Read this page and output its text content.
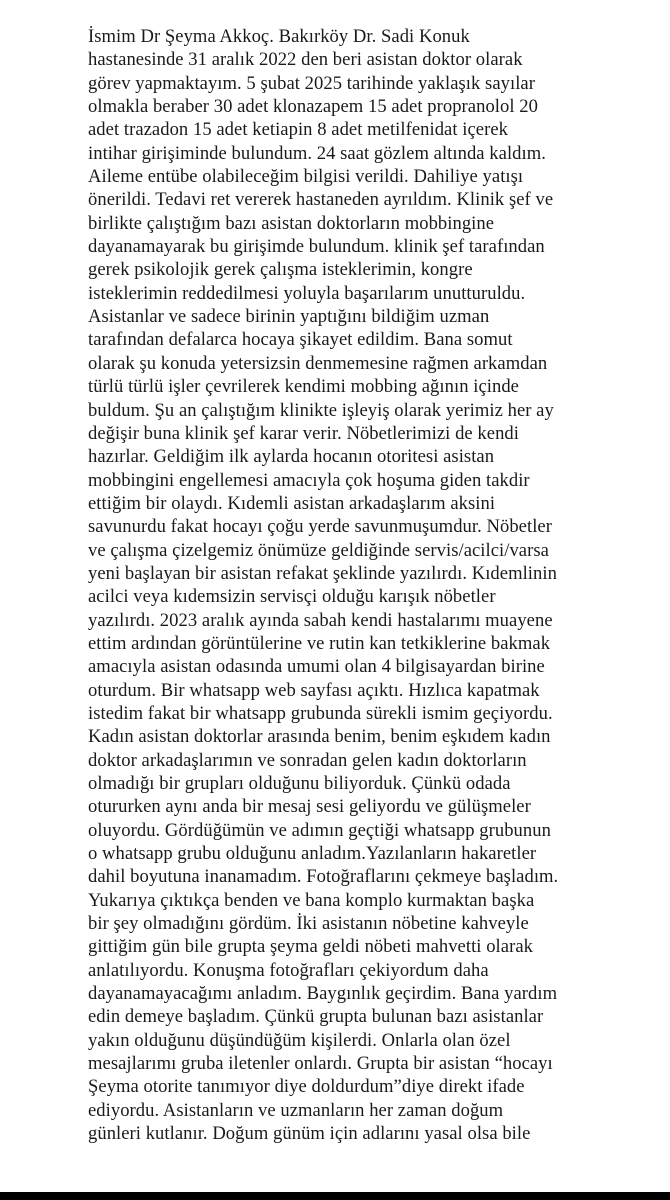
İsmim Dr Şeyma Akkoç. Bakırköy Dr. Sadi Konuk
hastanesinde 31 aralık 2022 den beri asistan doktor olarak
görev yapmaktayım. 5 şubat 2025 tarihinde yaklaşık sayılar
olmakla beraber 30 adet klonazapem 15 adet propranolol 20
adet trazadon 15 adet ketiapin 8 adet metilfenidat içerek
intihar girişiminde bulundum. 24 saat gözlem altında kaldım.
Aileme entübe olabileceğim bilgisi verildi. Dahiliye yatışı
önerildi. Tedavi ret vererek hastaneden ayrıldım. Klinik şef ve
birlikte çalıştığım bazı asistan doktorların mobbingine
dayanamayarak bu girişimde bulundum. klinik şef tarafından
gerek psikolojik gerek çalışma isteklerimin, kongre
isteklerimin reddedilmesi yoluyla başarılarım unutturuldu.
Asistanlar ve sadece birinin yaptığını bildiğim uzman
tarafından defalarca hocaya şikayet edildim. Bana somut
olarak şu konuda yetersizsin denmemesine rağmen arkamdan
türlü türlü işler çevrilerek kendimi mobbing ağının içinde
buldum. Şu an çalıştığım klinikte işleyiş olarak yerimiz her ay
değişir buna klinik şef karar verir. Nöbetlerimizi de kendi
hazırlar. Geldiğim ilk aylarda hocanın otoritesi asistan
mobbingini engellemesi amacıyla çok hoşuma giden takdir
ettiğim bir olaydı. Kıdemli asistan arkadaşlarım aksini
savunurdu fakat hocayı çoğu yerde savunmuşumdur. Nöbetler
ve çalışma çizelgemiz önümüze geldiğinde servis/acilci/varsa
yeni başlayan bir asistan refakat şeklinde yazılırdı. Kıdemlinin
acilci veya kıdemsizin servisçi olduğu karışık nöbetler
yazılırdı. 2023 aralık ayında sabah kendi hastalarımı muayene
ettim ardından görüntülerine ve rutin kan tetkiklerine bakmak
amacıyla asistan odasında umumi olan 4 bilgisayardan birine
oturdum. Bir whatsapp web sayfası açıktı. Hızlıca kapatmak
istedim fakat bir whatsapp grubunda sürekli ismim geçiyordu.
Kadın asistan doktorlar arasında benim, benim eşkıdem kadın
doktor arkadaşlarımın ve sonradan gelen kadın doktorların
olmadığı bir grupları olduğunu biliyorduk. Çünkü odada
otururken aynı anda bir mesaj sesi geliyordu ve gülüşmeler
oluyordu. Gördüğümün ve adımın geçtiği whatsapp grubunun
o whatsapp grubu olduğunu anladım.Yazılanların hakaretler
dahil boyutuna inanamadım. Fotoğraflarını çekmeye başladım.
Yukarıya çıktıkça benden ve bana komplo kurmaktan başka
bir şey olmadığını gördüm. İki asistanın nöbetine kahveyle
gittiğim gün bile grupta şeyma geldi nöbeti mahvetti olarak
anlatılıyordu. Konuşma fotoğrafları çekiyordum daha
dayanamayacağımı anladım. Baygınlık geçirdim. Bana yardım
edin demeye başladım. Çünkü grupta bulunan bazı asistanlar
yakın olduğunu düşündüğüm kişilerdi. Onlarla olan özel
mesajlarımı gruba iletenler onlardı. Grupta bir asistan “hocayı
Şeyma otorite tanımıyor diye doldurdum”diye direkt ifade
ediyordu. Asistanların ve uzmanların her zaman doğum
günleri kutlanır. Doğum günüm için adlarını yasal olsa bile
